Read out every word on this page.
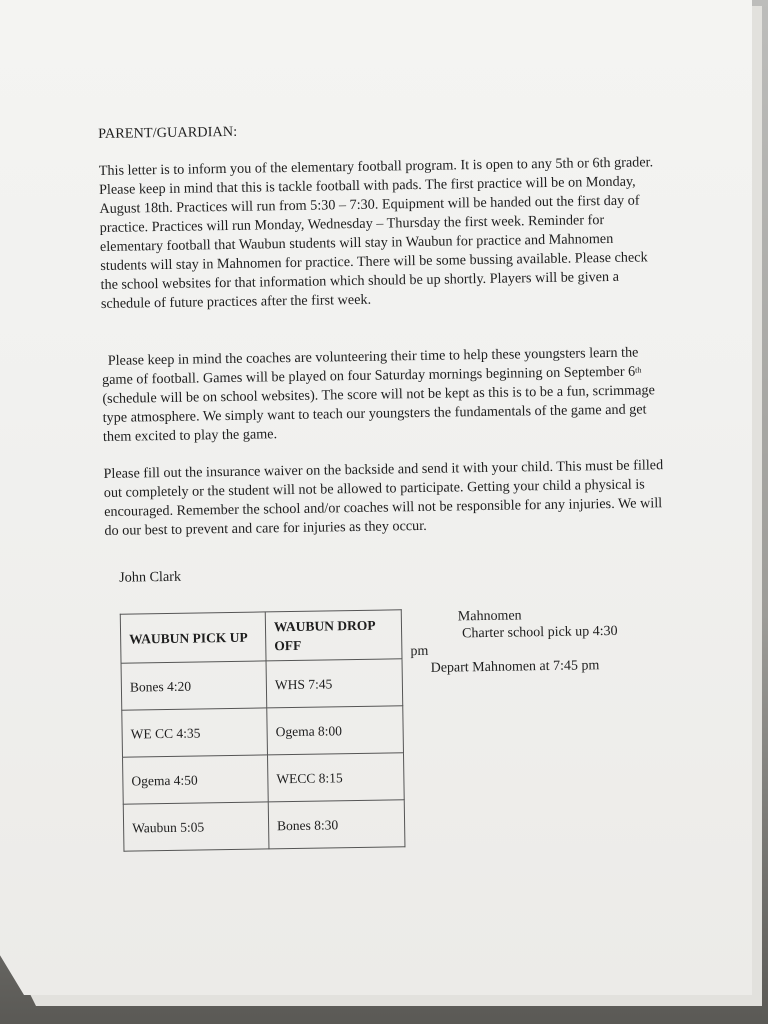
PARENT/GUARDIAN:

This letter is to inform you of the elementary football program. It is open to any 5th or 6th grader. Please keep in mind that this is tackle football with pads. The first practice will be on Monday, August 18th. Practices will run from 5:30 – 7:30. Equipment will be handed out the first day of practice. Practices will run Monday, Wednesday – Thursday the first week. Reminder for elementary football that Waubun students will stay in Waubun for practice and Mahnomen students will stay in Mahnomen for practice. There will be some bussing available. Please check the school websites for that information which should be up shortly. Players will be given a schedule of future practices after the first week.

Please keep in mind the coaches are volunteering their time to help these youngsters learn the game of football. Games will be played on four Saturday mornings beginning on September 6th (schedule will be on school websites). The score will not be kept as this is to be a fun, scrimmage type atmosphere. We simply want to teach our youngsters the fundamentals of the game and get them excited to play the game.

Please fill out the insurance waiver on the backside and send it with your child. This must be filled out completely or the student will not be allowed to participate. Getting your child a physical is encouraged. Remember the school and/or coaches will not be responsible for any injuries. We will do our best to prevent and care for injuries as they occur.

John Clark

WAUBUN PICK UP	WAUBUN DROP OFF
Bones 4:20	WHS 7:45
WE CC 4:35	Ogema 8:00
Ogema 4:50	WECC 8:15
Waubun 5:05	Bones 8:30
Mahnomen
Charter school pick up 4:30
pm
Depart Mahnomen at 7:45 pm
